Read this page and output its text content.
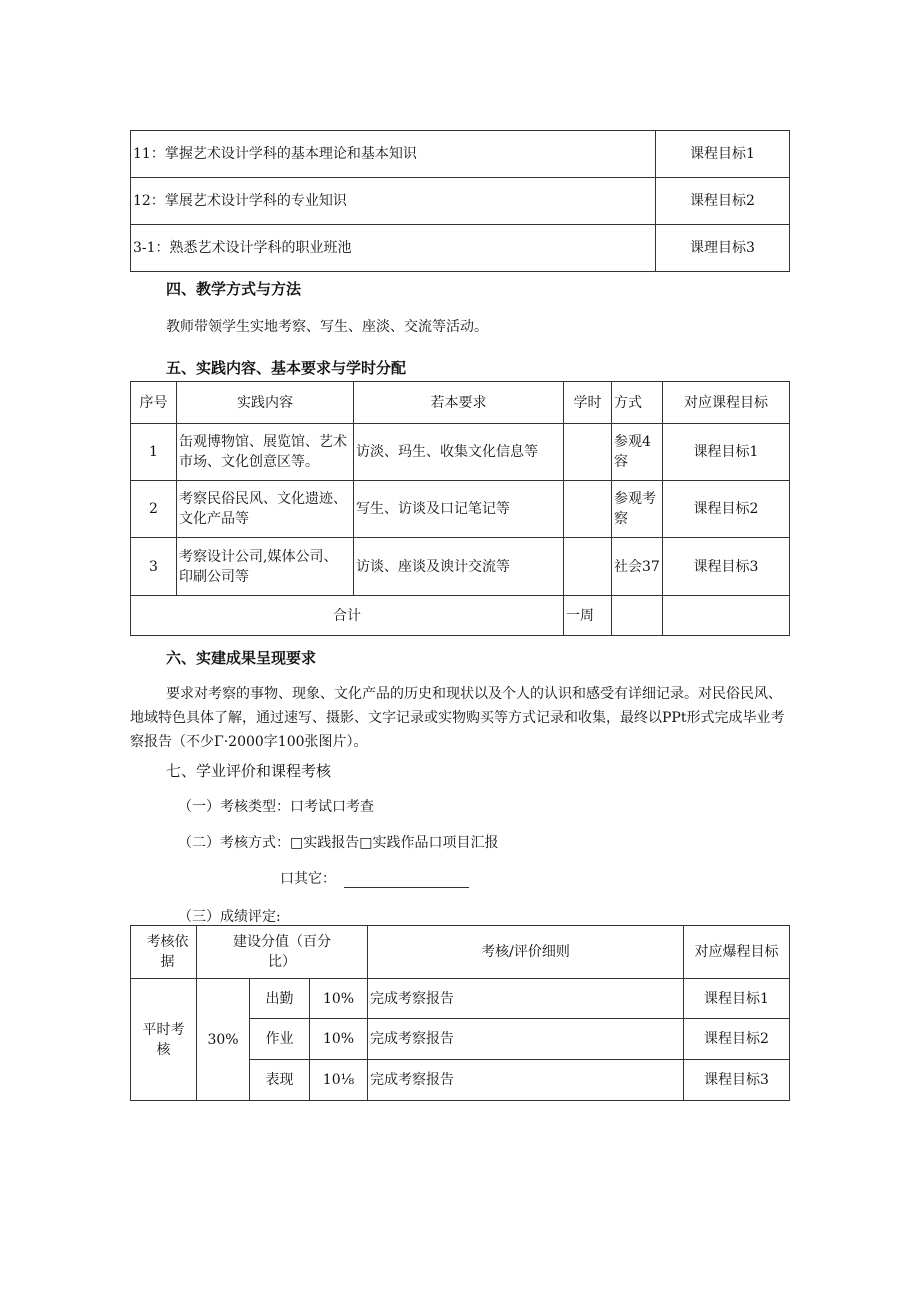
11：掌握艺术设计学科的基本理论和基本知识	课程目标1
12：掌展艺术设计学科的专业知识	课程目标2
3-1：熟悉艺术设计学科的职业班池	课理目标3
四、教学方式与方法
教师带领学生实地考察、写生、座淡、交流等活动。
五、实践内容、基本要求与学时分配
序号	实践内容	若本要求	学时	方式	对应课程目标
1	缶观博物馆、展览馆、艺术市场、文化创意区等。	访淡、玛生、收集文化信息等		参观4容	课程目标1
2	考察民俗民风、文化遗迹、文化产品等	写生、访谈及口记笔记等		参观考察	课程目标2
3	考察设计公司,媒体公司、印刷公司等	访谈、座谈及谀计交流等		社会37	课程目标3
合计			一周		
六、实建成果呈现要求
要求对考察的事物、现象、文化产品的历史和现状以及个人的认识和感受有详细记录。对民俗民风、地域特色具体了解，通过速写、摄影、文字记录或实物购买等方式记录和收集，最终以PPt形式完成毕业考察报告（不少Γ·2000字100张图片）。
七、学业评价和课程考核
（一）考核类型：口考试口考查
（二）考核方式：□实践报告□实践作品口项目汇报
口其它：
（三）成绩评定:
考核依据	建设分值（百分比）			考核/评价细则	对应爆程目标
平时考核	30%	出勤	10%	完成考察报告	课程目标1
		作业	10%	完成考察报告	课程目标2
		表现	10⅛	完成考察报告	课程目标3
